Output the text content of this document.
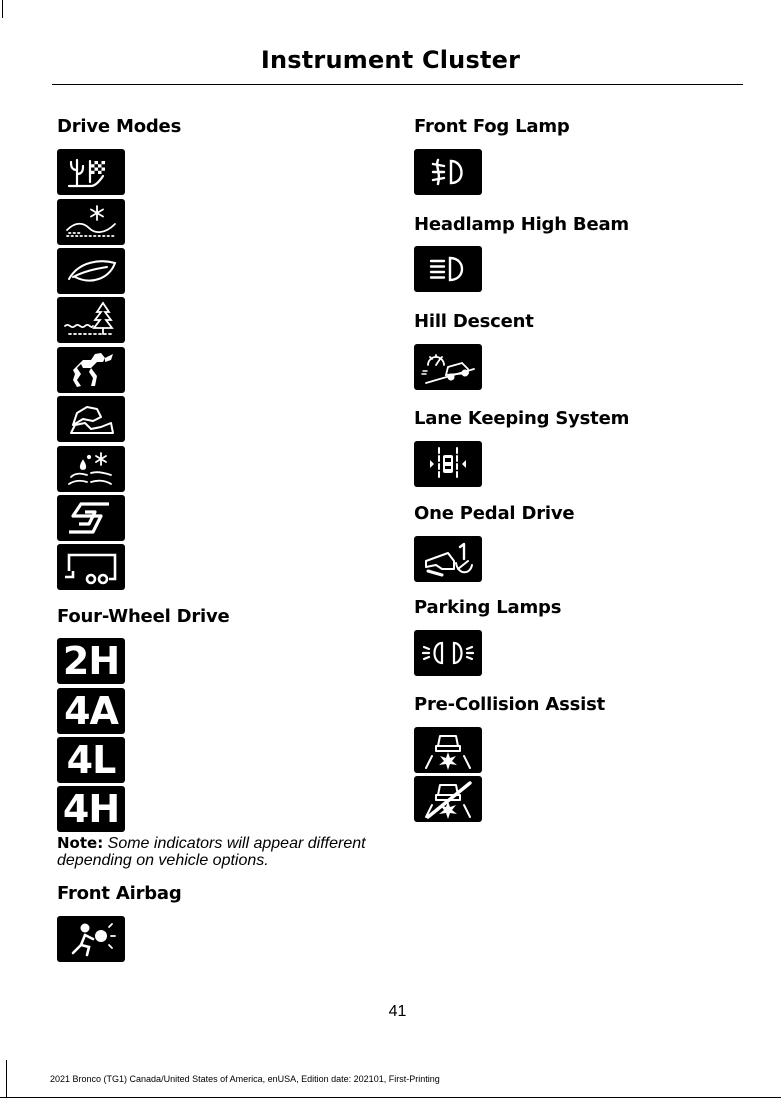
Instrument Cluster
Drive Modes
Four-Wheel Drive
2H
4A
4L
4H
Note: Some indicators will appear different depending on vehicle options.
Front Airbag
Front Fog Lamp
Headlamp High Beam
Hill Descent
Lane Keeping System
One Pedal Drive
Parking Lamps
Pre-Collision Assist
41
2021 Bronco (TG1) Canada/United States of America, enUSA, Edition date: 202101, First-Printing
